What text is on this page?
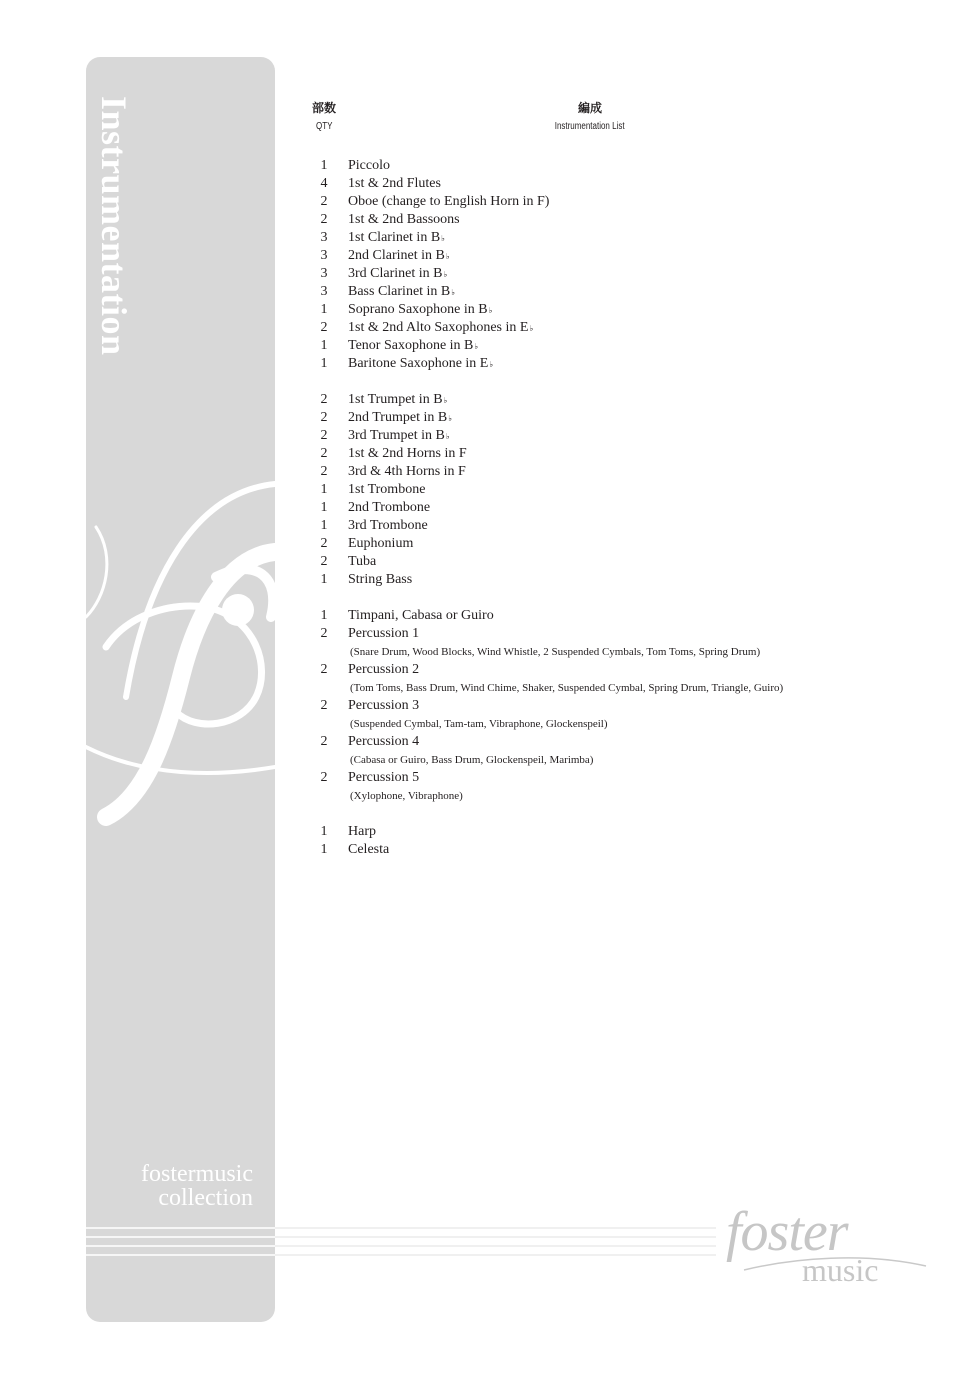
fostermusic
collection
Instrumentation
foster
music
部数
QTY
編成
Instrumentation List
1	Piccolo
4	1st & 2nd Flutes
2	Oboe (change to English Horn in F)
2	1st & 2nd Bassoons
3	1st Clarinet in B ♭
3	2nd Clarinet in B ♭
3	3rd Clarinet in B ♭
3	Bass Clarinet in B ♭
1	Soprano Saxophone in B ♭
2	1st & 2nd Alto Saxophones in E ♭
1	Tenor Saxophone in B ♭
1	Baritone Saxophone in E ♭
2	1st Trumpet in B ♭
2	2nd Trumpet in B ♭
2	3rd Trumpet in B ♭
2	1st & 2nd Horns in F
2	3rd & 4th Horns in F
1	1st Trombone
1	2nd Trombone
1	3rd Trombone
2	Euphonium
2	Tuba
1	String Bass
1	Timpani, Cabasa or Guiro
2	Percussion 1
(Snare Drum, Wood Blocks, Wind Whistle, 2 Suspended Cymbals, Tom Toms, Spring Drum)
2	Percussion 2
(Tom Toms, Bass Drum, Wind Chime, Shaker, Suspended Cymbal, Spring Drum, Triangle, Guiro)
2	Percussion 3
(Suspended Cymbal, Tam-tam, Vibraphone, Glockenspeil)
2	Percussion 4
(Cabasa or Guiro, Bass Drum, Glockenspeil, Marimba)
2	Percussion 5
(Xylophone, Vibraphone)
1	Harp
1	Celesta
